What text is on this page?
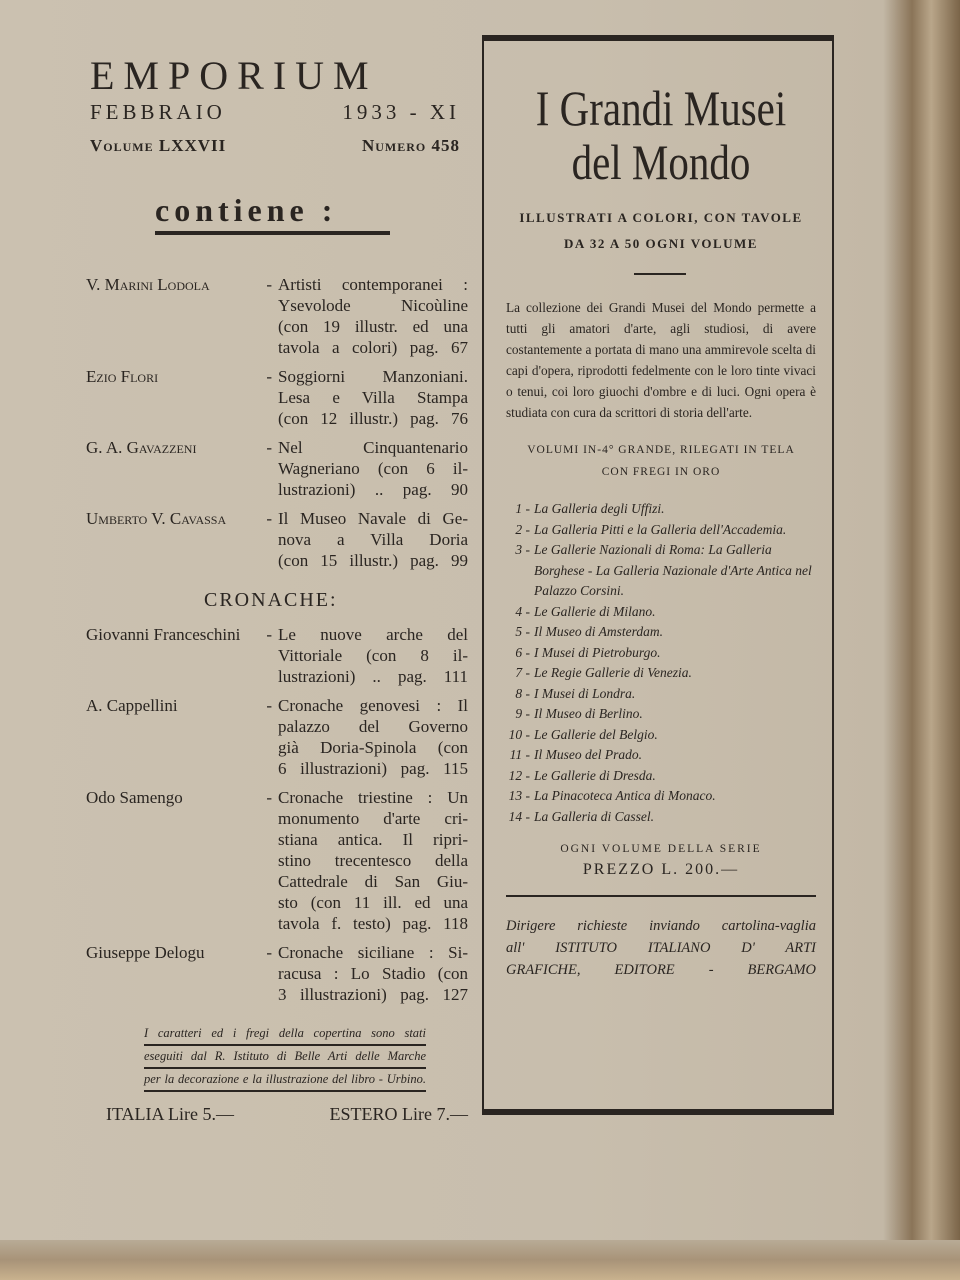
EMPORIUM
FEBBRAIO	1933 - XI
Volume LXXVII	Numero 458
contiene :
V. Marini Lodola	- Artisti contemporanei :
Ysevolode Nicoùline
(con 19 illustr. ed una
tavola a colori) pag. 67
Ezio Flori	- Soggiorni Manzoniani.
Lesa e Villa Stampa
(con 12 illustr.) pag. 76
G. A. Gavazzeni	- Nel Cinquantenario
Wagneriano (con 6 il-
lustrazioni) .. pag. 90
Umberto V. Cavassa - Il Museo Navale di Ge-
nova a Villa Doria
(con 15 illustr.) pag. 99
CRONACHE:
Giovanni Franceschini - Le nuove arche del
Vittoriale (con 8 il-
lustrazioni) .. pag. 111
A. Cappellini	- Cronache genovesi : Il
palazzo del Governo
già Doria-Spinola (con
6 illustrazioni) pag. 115
Odo Samengo	- Cronache triestine : Un
monumento d'arte cri-
stiana antica. Il ripri-
stino trecentesco della
Cattedrale di San Giu-
sto (con 11 ill. ed una
tavola f. testo) pag. 118
Giuseppe Delogu	- Cronache siciliane : Si-
racusa : Lo Stadio (con
3 illustrazioni) pag. 127
I caratteri ed i fregi della copertina sono stati
eseguiti dal R. Istituto di Belle Arti delle Marche
per la decorazione e la illustrazione del libro - Urbino.
ITALIA Lire 5.—	ESTERO Lire 7.—
I Grandi Musei
del Mondo
ILLUSTRATI A COLORI, CON TAVOLE
DA 32 A 50 OGNI VOLUME
La collezione dei Grandi Musei del Mondo permette a tutti gli amatori d'arte, agli studiosi, di avere costantemente a portata di mano una ammirevole scelta di capi d'opera, riprodotti fedelmente con le loro tinte vivaci o tenui, coi loro giuochi d'ombre e di luci. Ogni opera è studiata con cura da scrittori di storia dell'arte.
VOLUMI IN-4° GRANDE, RILEGATI IN TELA
CON FREGI IN ORO
1 - La Galleria degli Uffizi.
2 - La Galleria Pitti e la Galleria dell'Accademia.
3 - Le Gallerie Nazionali di Roma: La Galleria Borghese - La Galleria Nazionale d'Arte Antica nel Palazzo Corsini.
4 - Le Gallerie di Milano.
5 - Il Museo di Amsterdam.
6 - I Musei di Pietroburgo.
7 - Le Regie Gallerie di Venezia.
8 - I Musei di Londra.
9 - Il Museo di Berlino.
10 - Le Gallerie del Belgio.
11 - Il Museo del Prado.
12 - Le Gallerie di Dresda.
13 - La Pinacoteca Antica di Monaco.
14 - La Galleria di Cassel.
OGNI VOLUME DELLA SERIE
PREZZO L. 200.—
Dirigere richieste inviando cartolina-vaglia
all' ISTITUTO ITALIANO D' ARTI
GRAFICHE, EDITORE - BERGAMO
